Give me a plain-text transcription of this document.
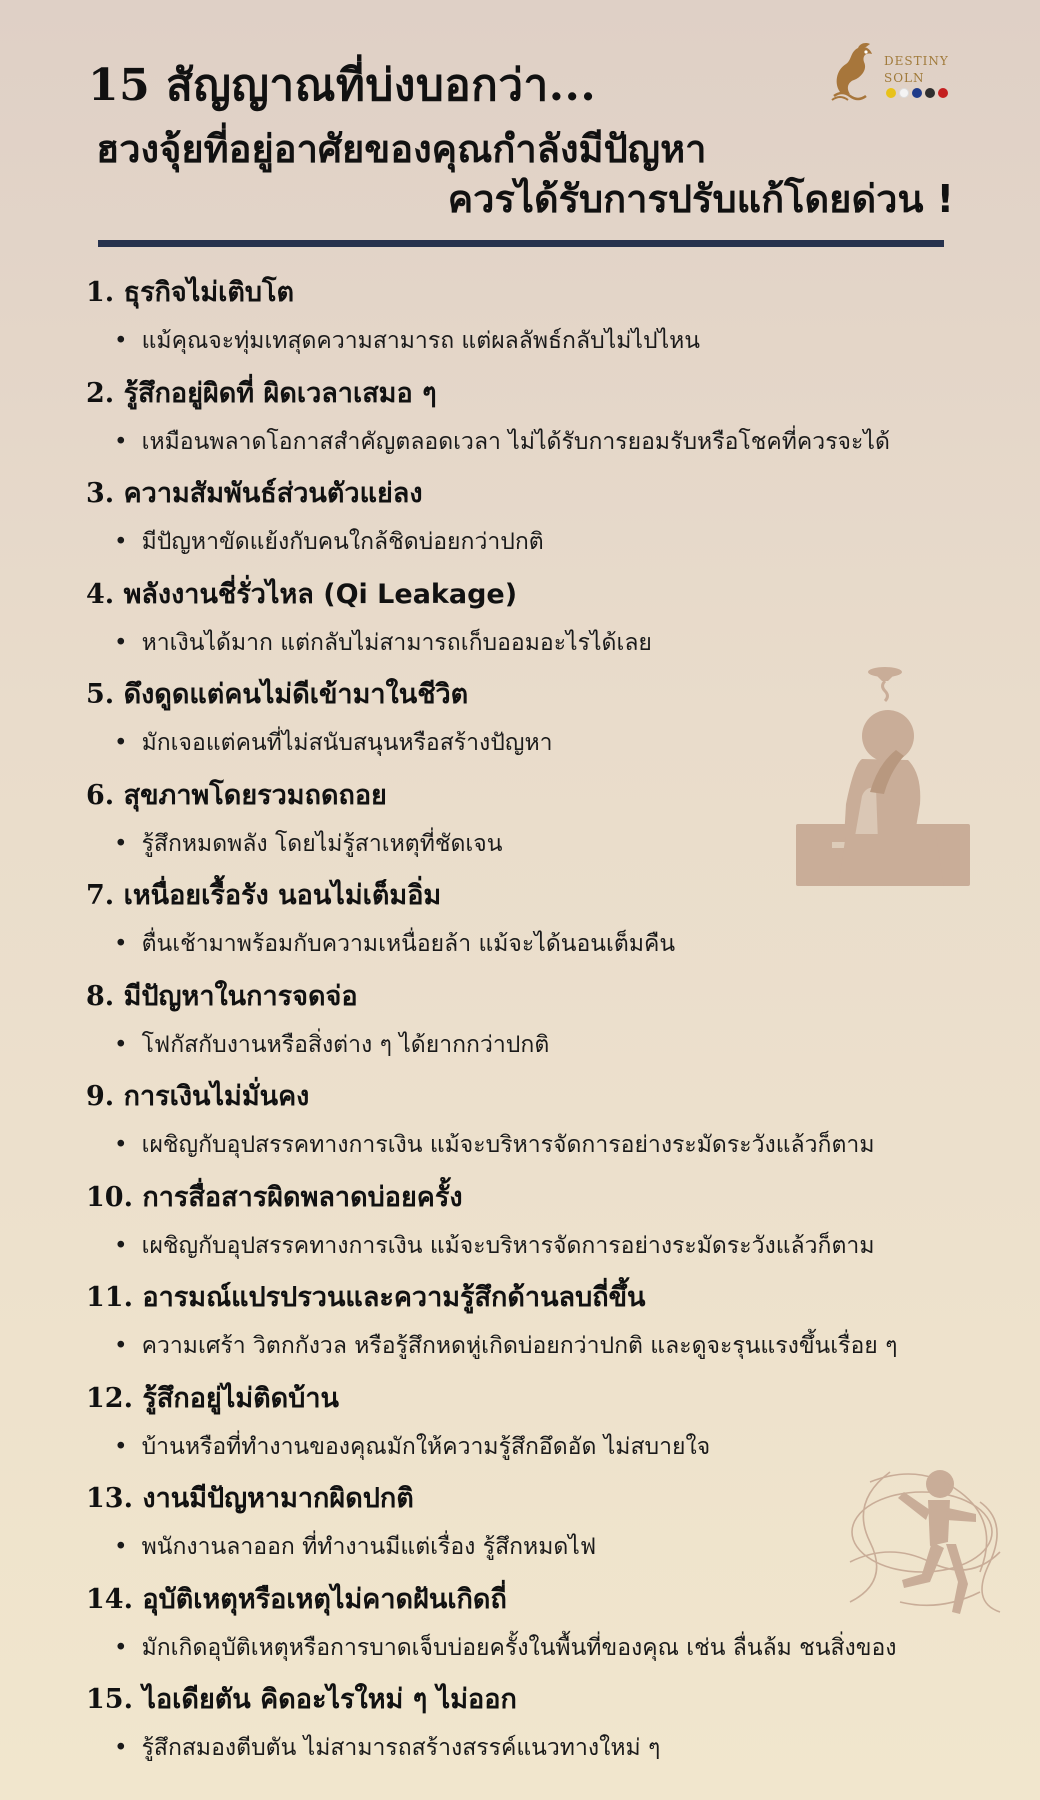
15 สัญญาณที่บ่งบอกว่า...
ฮวงจุ้ยที่อยู่อาศัยของคุณกำลังมีปัญหา
ควรได้รับการปรับแก้โดยด่วน !
DESTINY
SOLN
1. ธุรกิจไม่เติบโต
• แม้คุณจะทุ่มเทสุดความสามารถ แต่ผลลัพธ์กลับไม่ไปไหน
2. รู้สึกอยู่ผิดที่ ผิดเวลาเสมอ ๆ
• เหมือนพลาดโอกาสสำคัญตลอดเวลา ไม่ได้รับการยอมรับหรือโชคที่ควรจะได้
3. ความสัมพันธ์ส่วนตัวแย่ลง
• มีปัญหาขัดแย้งกับคนใกล้ชิดบ่อยกว่าปกติ
4. พลังงานชี่รั่วไหล (Qi Leakage)
• หาเงินได้มาก แต่กลับไม่สามารถเก็บออมอะไรได้เลย
5. ดึงดูดแต่คนไม่ดีเข้ามาในชีวิต
• มักเจอแต่คนที่ไม่สนับสนุนหรือสร้างปัญหา
6. สุขภาพโดยรวมถดถอย
• รู้สึกหมดพลัง โดยไม่รู้สาเหตุที่ชัดเจน
7. เหนื่อยเรื้อรัง นอนไม่เต็มอิ่ม
• ตื่นเช้ามาพร้อมกับความเหนื่อยล้า แม้จะได้นอนเต็มคืน
8. มีปัญหาในการจดจ่อ
• โฟกัสกับงานหรือสิ่งต่าง ๆ ได้ยากกว่าปกติ
9. การเงินไม่มั่นคง
• เผชิญกับอุปสรรคทางการเงิน แม้จะบริหารจัดการอย่างระมัดระวังแล้วก็ตาม
10. การสื่อสารผิดพลาดบ่อยครั้ง
• เผชิญกับอุปสรรคทางการเงิน แม้จะบริหารจัดการอย่างระมัดระวังแล้วก็ตาม
11. อารมณ์แปรปรวนและความรู้สึกด้านลบถี่ขึ้น
• ความเศร้า วิตกกังวล หรือรู้สึกหดหู่เกิดบ่อยกว่าปกติ และดูจะรุนแรงขึ้นเรื่อย ๆ
12. รู้สึกอยู่ไม่ติดบ้าน
• บ้านหรือที่ทำงานของคุณมักให้ความรู้สึกอึดอัด ไม่สบายใจ
13. งานมีปัญหามากผิดปกติ
• พนักงานลาออก ที่ทำงานมีแต่เรื่อง รู้สึกหมดไฟ
14. อุบัติเหตุหรือเหตุไม่คาดฝันเกิดถี่
• มักเกิดอุบัติเหตุหรือการบาดเจ็บบ่อยครั้งในพื้นที่ของคุณ เช่น ลื่นล้ม ชนสิ่งของ
15. ไอเดียตัน คิดอะไรใหม่ ๆ ไม่ออก
• รู้สึกสมองตีบตัน ไม่สามารถสร้างสรรค์แนวทางใหม่ ๆ
